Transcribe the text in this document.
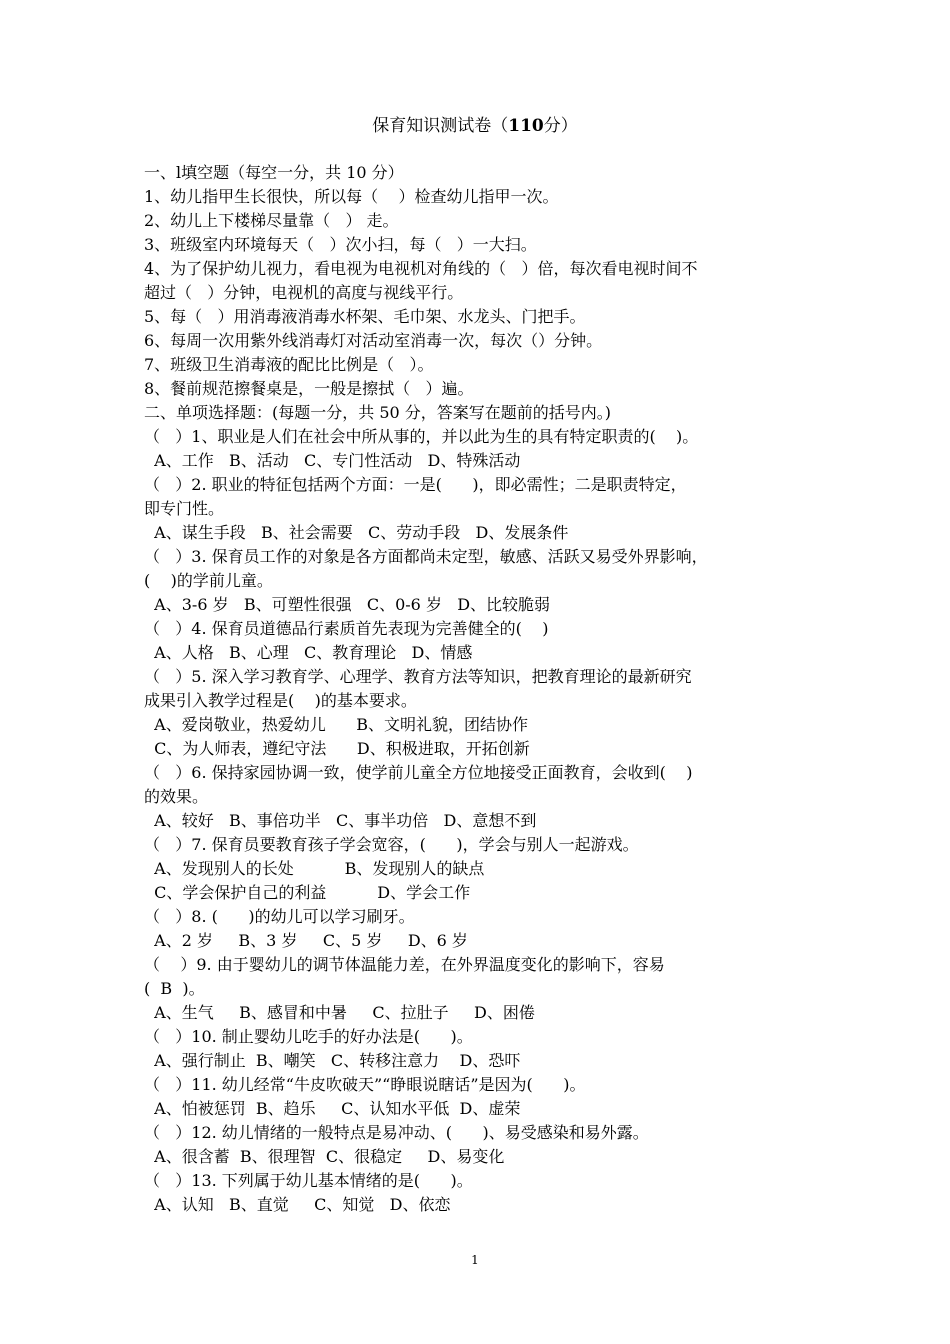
保育知识测试卷（110分）
一、l填空题（每空一分，共 10 分）
1、幼儿指甲生长很快，所以每（    ）检查幼儿指甲一次。
2、幼儿上下楼梯尽量靠（   ） 走。
3、班级室内环境每天（   ）次小扫，每（   ）一大扫。
4、为了保护幼儿视力，看电视为电视机对角线的（   ）倍，每次看电视时间不
超过（   ）分钟，电视机的高度与视线平行。
5、每（   ）用消毒液消毒水杯架、毛巾架、水龙头、门把手。
6、每周一次用紫外线消毒灯对活动室消毒一次，每次（）分钟。
7、班级卫生消毒液的配比比例是（   ）。
8、餐前规范擦餐桌是，一般是擦拭（   ）遍。
二、单项选择题：(每题一分，共 50 分，答案写在题前的括号内。)
（   ）1、职业是人们在社会中所从事的，并以此为生的具有特定职责的(    )。
A、工作   B、活动   C、专门性活动   D、特殊活动
（   ）2. 职业的特征包括两个方面：一是(      )，即必需性；二是职责特定，
即专门性。
A、谋生手段   B、社会需要   C、劳动手段   D、发展条件
（   ）3. 保育员工作的对象是各方面都尚未定型，敏感、活跃又易受外界影响，
(    )的学前儿童。
A、3-6 岁   B、可塑性很强   C、0-6 岁   D、比较脆弱
（   ）4. 保育员道德品行素质首先表现为完善健全的(    )
A、人格   B、心理   C、教育理论   D、情感
（   ）5. 深入学习教育学、心理学、教育方法等知识，把教育理论的最新研究
成果引入教学过程是(    )的基本要求。
A、爱岗敬业，热爱幼儿      B、文明礼貌，团结协作
C、为人师表，遵纪守法      D、积极进取，开拓创新
（   ）6. 保持家园协调一致，使学前儿童全方位地接受正面教育，会收到(    )
的效果。
A、较好   B、事倍功半   C、事半功倍   D、意想不到
（   ）7. 保育员要教育孩子学会宽容，(      )，学会与别人一起游戏。
A、发现别人的长处          B、发现别人的缺点
C、学会保护自己的利益          D、学会工作
（   ）8. (      )的幼儿可以学习刷牙。
A、2 岁     B、3 岁     C、5 岁     D、6 岁
（    ）9. 由于婴幼儿的调节体温能力差，在外界温度变化的影响下，容易
(  B  )。
A、生气     B、感冒和中暑     C、拉肚子     D、困倦
（   ）10. 制止婴幼儿吃手的好办法是(      )。
A、强行制止  B、嘲笑   C、转移注意力    D、恐吓
（   ）11. 幼儿经常“牛皮吹破天”“睁眼说瞎话”是因为(      )。
A、怕被惩罚  B、趋乐     C、认知水平低  D、虚荣
（   ）12. 幼儿情绪的一般特点是易冲动、(      )、易受感染和易外露。
A、很含蓄  B、很理智  C、很稳定     D、易变化
（   ）13. 下列属于幼儿基本情绪的是(      )。
A、认知   B、直觉     C、知觉   D、依恋
1
